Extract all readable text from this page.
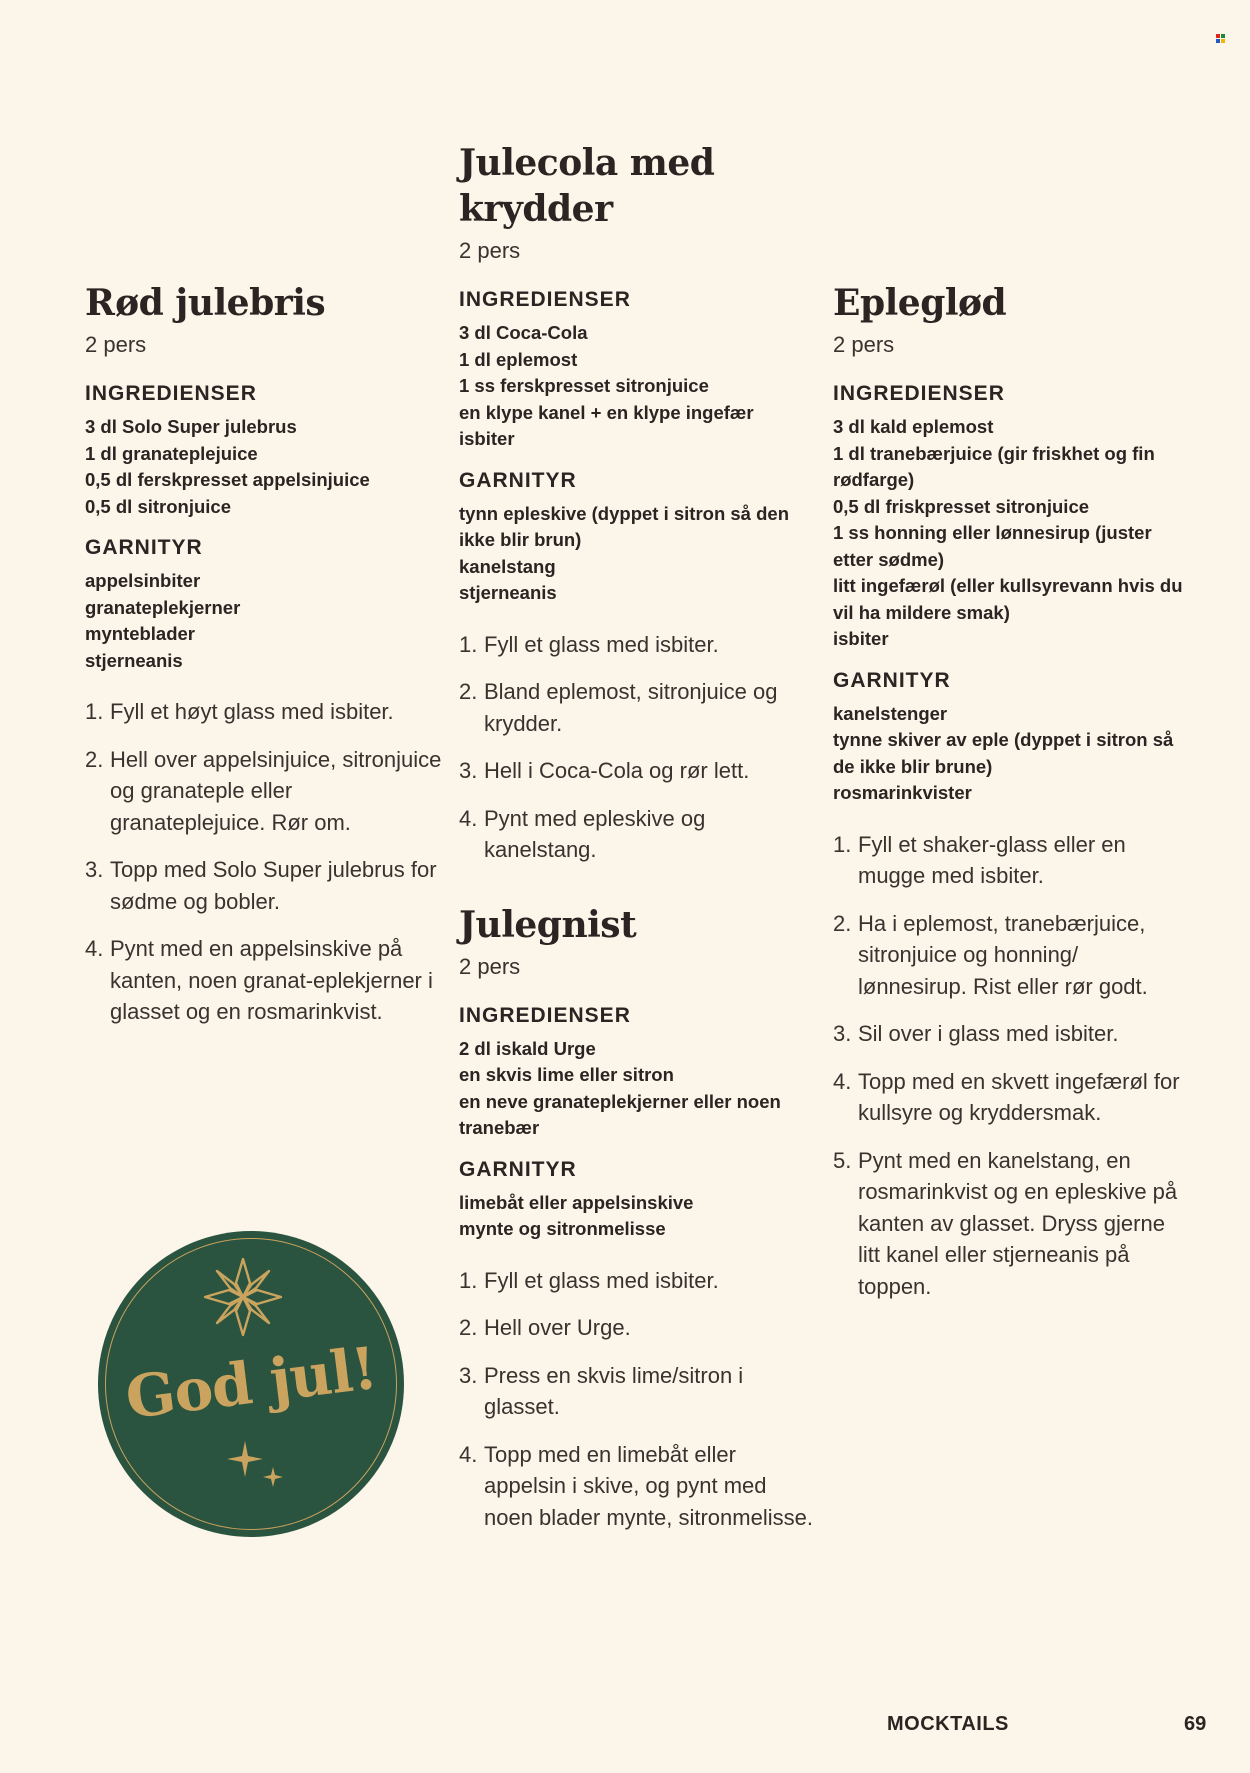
Rød julebris
2 pers
INGREDIENSER
3 dl Solo Super julebrus
1 dl granateplejuice
0,5 dl ferskpresset appelsinjuice
0,5 dl sitronjuice
GARNITYR
appelsinbiter
granateplekjerner
mynteblader
stjerneanis
1. Fyll et høyt glass med isbiter.
2. Hell over appelsinjuice, sitronjuice og granateple eller granateplejuice. Rør om.
3. Topp med Solo Super julebrus for sødme og bobler.
4. Pynt med en appelsinskive på kanten, noen granat-eplekjerner i glasset og en rosmarinkvist.
God jul!
Julecola med krydder
2 pers
INGREDIENSER
3 dl Coca-Cola
1 dl eplemost
1 ss ferskpresset sitronjuice
en klype kanel + en klype ingefær
isbiter
GARNITYR
tynn epleskive (dyppet i sitron så den ikke blir brun)
kanelstang
stjerneanis
1. Fyll et glass med isbiter.
2. Bland eplemost, sitronjuice og krydder.
3. Hell i Coca-Cola og rør lett.
4. Pynt med epleskive og kanelstang.
Julegnist
2 pers
INGREDIENSER
2 dl iskald Urge
en skvis lime eller sitron
en neve granateplekjerner eller noen tranebær
GARNITYR
limebåt eller appelsinskive
mynte og sitronmelisse
1. Fyll et glass med isbiter.
2. Hell over Urge.
3. Press en skvis lime/sitron i glasset.
4. Topp med en limebåt eller appelsin i skive, og pynt med noen blader mynte, sitronmelisse.
Epleglød
2 pers
INGREDIENSER
3 dl kald eplemost
1 dl tranebærjuice (gir friskhet og fin rødfarge)
0,5 dl friskpresset sitronjuice
1 ss honning eller lønnesirup (juster etter sødme)
litt ingefærøl (eller kullsyrevann hvis du vil ha mildere smak)
isbiter
GARNITYR
kanelstenger
tynne skiver av eple (dyppet i sitron så de ikke blir brune)
rosmarinkvister
1. Fyll et shaker-glass eller en mugge med isbiter.
2. Ha i eplemost, tranebærjuice, sitronjuice og honning/ lønnesirup. Rist eller rør godt.
3. Sil over i glass med isbiter.
4. Topp med en skvett ingefærøl for kullsyre og kryddersmak.
5. Pynt med en kanelstang, en rosmarinkvist og en epleskive på kanten av glasset. Dryss gjerne litt kanel eller stjerneanis på toppen.
MOCKTAILS	69
